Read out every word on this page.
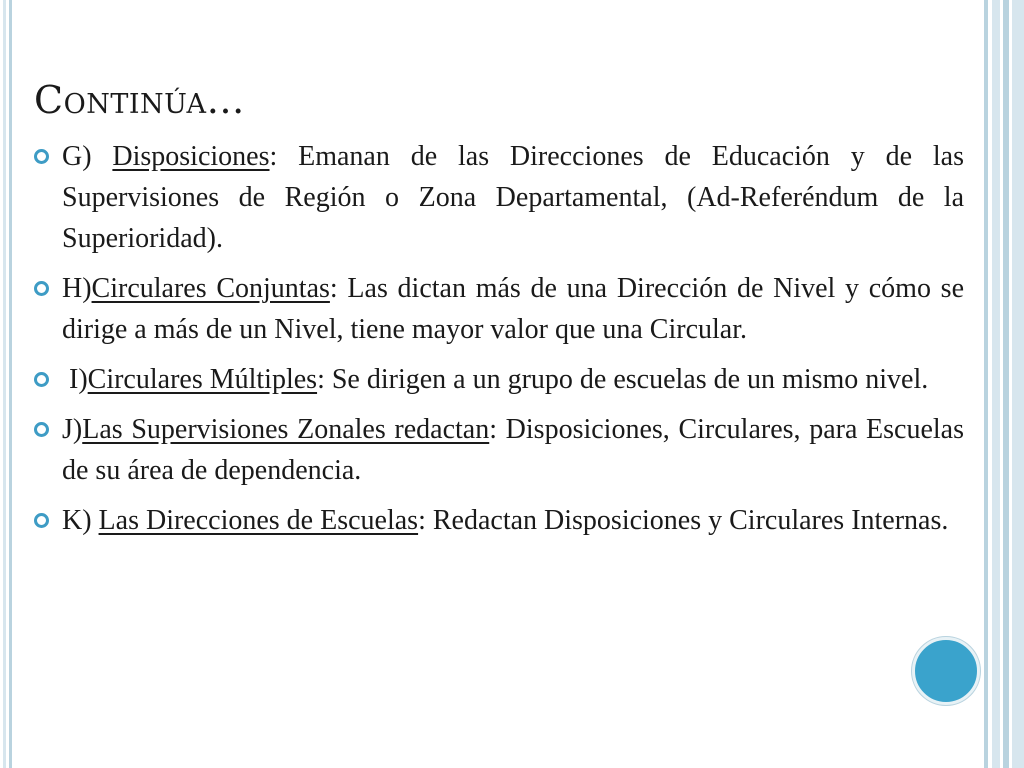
Continúa…
G) Disposiciones: Emanan de las Direcciones de Educación y de las Supervisiones de Región o Zona Departamental, (Ad-Referéndum de la Superioridad).
H)Circulares Conjuntas: Las dictan más de una Dirección de Nivel y cómo se dirige a más de un Nivel, tiene mayor valor que una Circular.
I)Circulares Múltiples: Se dirigen a un grupo de escuelas de un mismo nivel.
J)Las Supervisiones Zonales redactan: Disposiciones, Circulares, para Escuelas de su área de dependencia.
K) Las Direcciones de Escuelas: Redactan Disposiciones y Circulares Internas.
